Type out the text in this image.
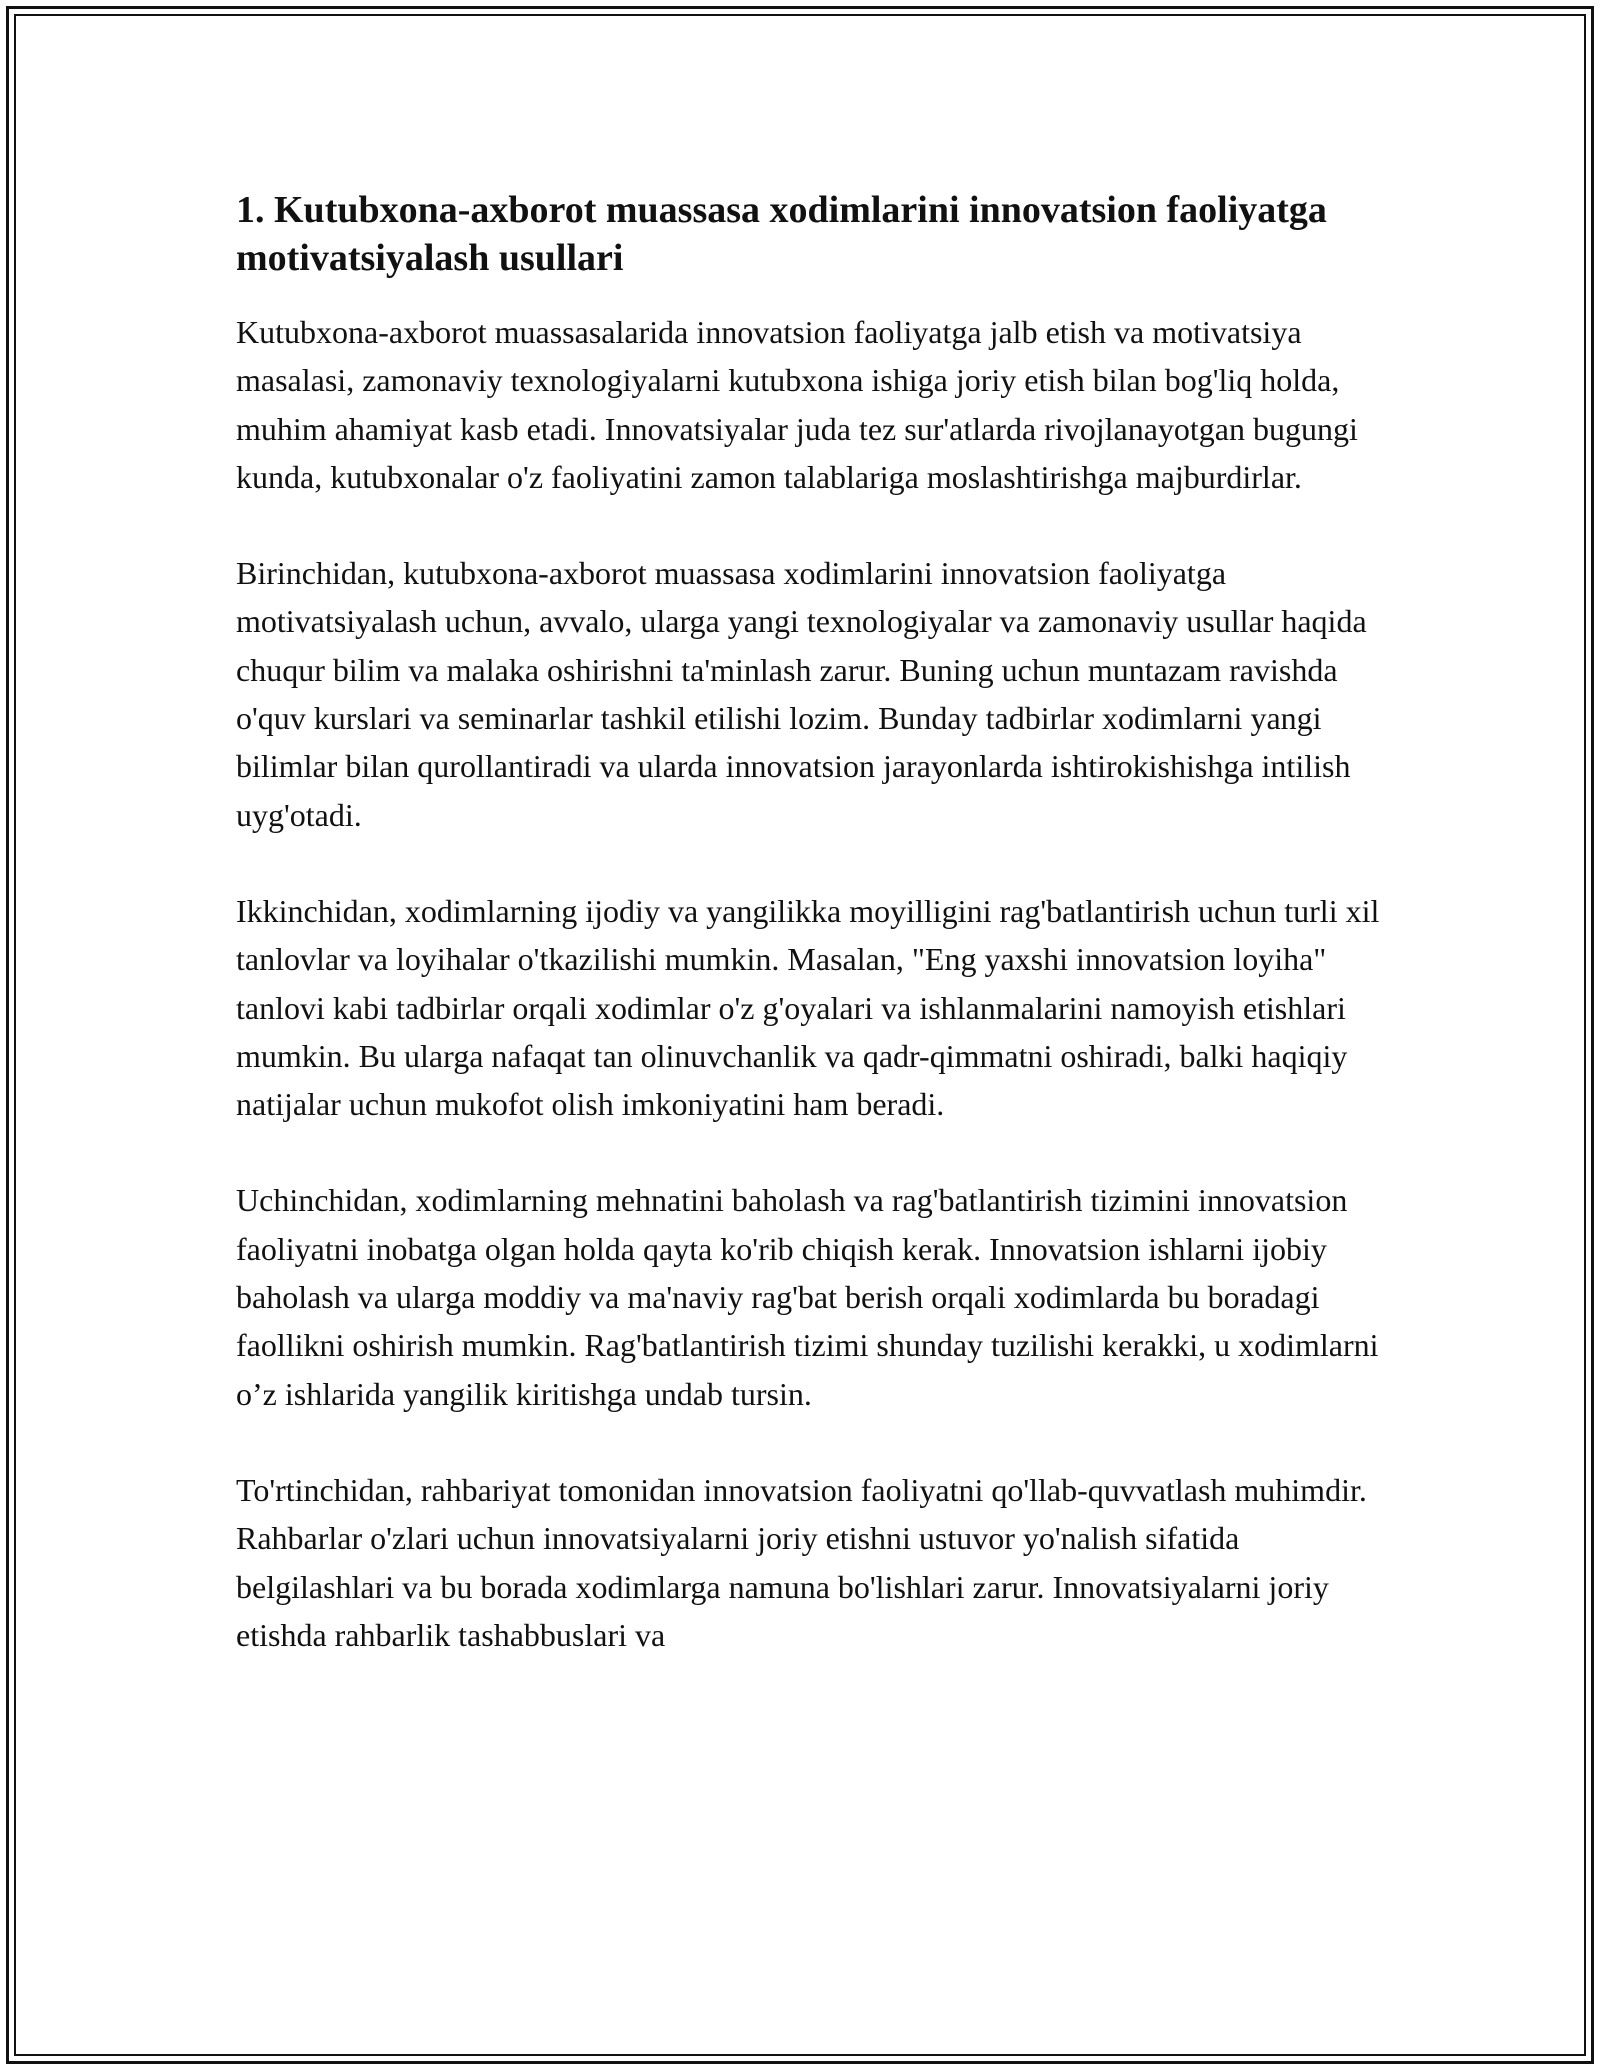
1. Kutubxona-axborot muassasa xodimlarini innovatsion faoliyatga motivatsiyalash usullari

Kutubxona-axborot muassasalarida innovatsion faoliyatga jalb etish va motivatsiya masalasi, zamonaviy texnologiyalarni kutubxona ishiga joriy etish bilan bog'liq holda, muhim ahamiyat kasb etadi. Innovatsiyalar juda tez sur'atlarda rivojlanayotgan bugungi kunda, kutubxonalar o'z faoliyatini zamon talablariga moslashtirishga majburdirlar.

Birinchidan, kutubxona-axborot muassasa xodimlarini innovatsion faoliyatga motivatsiyalash uchun, avvalo, ularga yangi texnologiyalar va zamonaviy usullar haqida chuqur bilim va malaka oshirishni ta'minlash zarur. Buning uchun muntazam ravishda o'quv kurslari va seminarlar tashkil etilishi lozim. Bunday tadbirlar xodimlarni yangi bilimlar bilan qurollantiradi va ularda innovatsion jarayonlarda ishtirokishishga intilish uyg'otadi.

Ikkinchidan, xodimlarning ijodiy va yangilikka moyilligini rag'batlantirish uchun turli xil tanlovlar va loyihalar o'tkazilishi mumkin. Masalan, "Eng yaxshi innovatsion loyiha" tanlovi kabi tadbirlar orqali xodimlar o'z g'oyalari va ishlanmalarini namoyish etishlari mumkin. Bu ularga nafaqat tan olinuvchanlik va qadr-qimmatni oshiradi, balki haqiqiy natijalar uchun mukofot olish imkoniyatini ham beradi.

Uchinchidan, xodimlarning mehnatini baholash va rag'batlantirish tizimini innovatsion faoliyatni inobatga olgan holda qayta ko'rib chiqish kerak. Innovatsion ishlarni ijobiy baholash va ularga moddiy va ma'naviy rag'bat berish orqali xodimlarda bu boradagi faollikni oshirish mumkin. Rag'batlantirish tizimi shunday tuzilishi kerakki, u xodimlarni o’z ishlarida yangilik kiritishga undab tursin.

To'rtinchidan, rahbariyat tomonidan innovatsion faoliyatni qo'llab-quvvatlash muhimdir. Rahbarlar o'zlari uchun innovatsiyalarni joriy etishni ustuvor yo'nalish sifatida belgilashlari va bu borada xodimlarga namuna bo'lishlari zarur. Innovatsiyalarni joriy etishda rahbarlik tashabbuslari va
